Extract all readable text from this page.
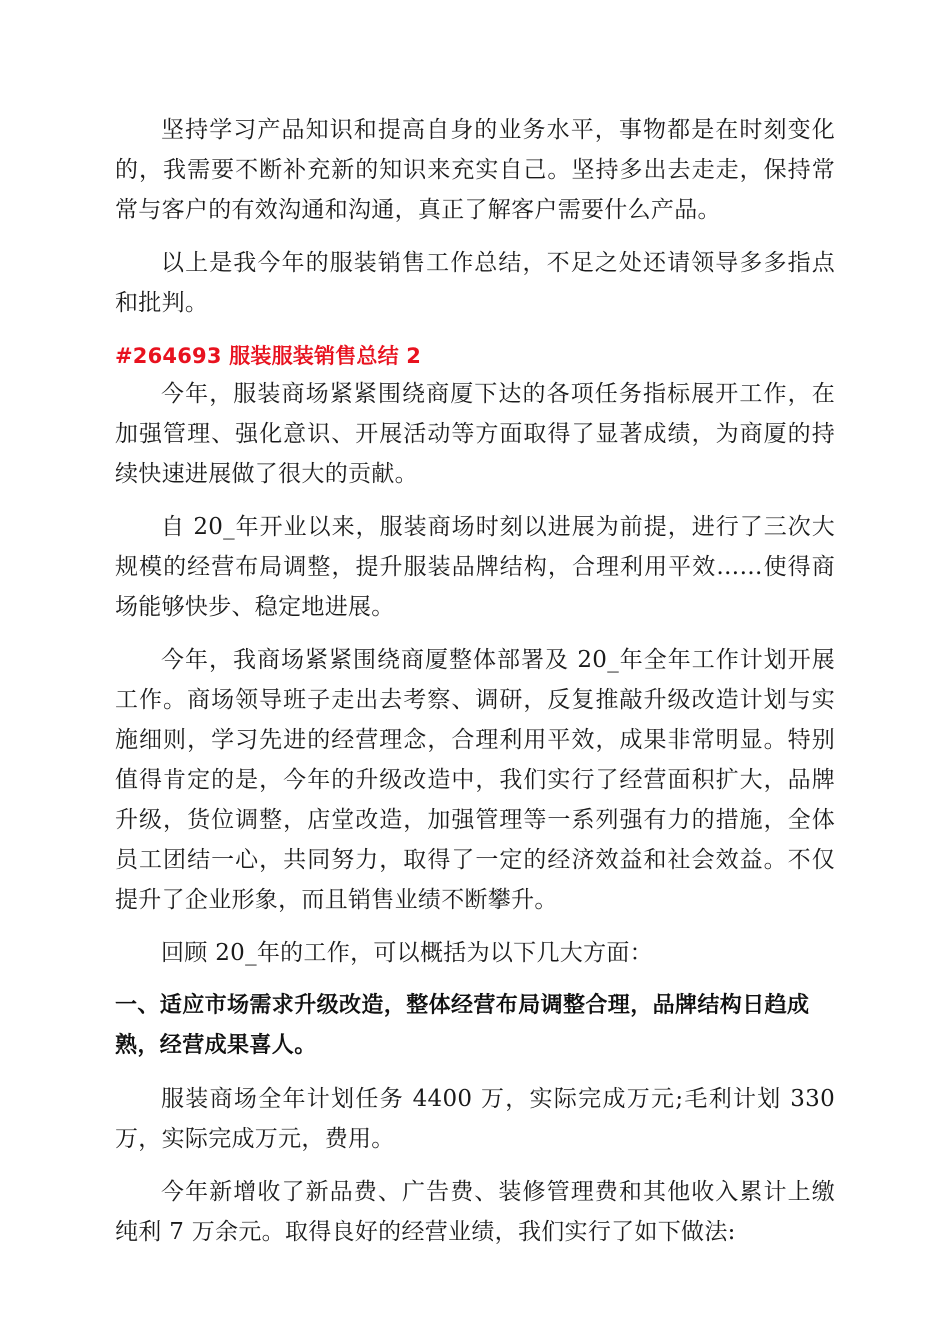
坚持学习产品知识和提高自身的业务水平，事物都是在时刻变化的，我需要不断补充新的知识来充实自己。坚持多出去走走，保持常常与客户的有效沟通和沟通，真正了解客户需要什么产品。

以上是我今年的服装销售工作总结，不足之处还请领导多多指点和批判。

#264693 服装服装销售总结 2

今年，服装商场紧紧围绕商厦下达的各项任务指标展开工作，在加强管理、强化意识、开展活动等方面取得了显著成绩，为商厦的持续快速进展做了很大的贡献。

自 20_年开业以来，服装商场时刻以进展为前提，进行了三次大规模的经营布局调整，提升服装品牌结构，合理利用平效……使得商场能够快步、稳定地进展。

今年，我商场紧紧围绕商厦整体部署及 20_年全年工作计划开展工作。商场领导班子走出去考察、调研，反复推敲升级改造计划与实施细则，学习先进的经营理念，合理利用平效，成果非常明显。特别值得肯定的是，今年的升级改造中，我们实行了经营面积扩大，品牌升级，货位调整，店堂改造，加强管理等一系列强有力的措施，全体员工团结一心，共同努力，取得了一定的经济效益和社会效益。不仅提升了企业形象，而且销售业绩不断攀升。

回顾 20_年的工作，可以概括为以下几大方面：

一、适应市场需求升级改造，整体经营布局调整合理，品牌结构日趋成熟，经营成果喜人。

服装商场全年计划任务 4400 万，实际完成万元;毛利计划 330 万，实际完成万元，费用。

今年新增收了新品费、广告费、装修管理费和其他收入累计上缴纯利 7 万余元。取得良好的经营业绩，我们实行了如下做法:
